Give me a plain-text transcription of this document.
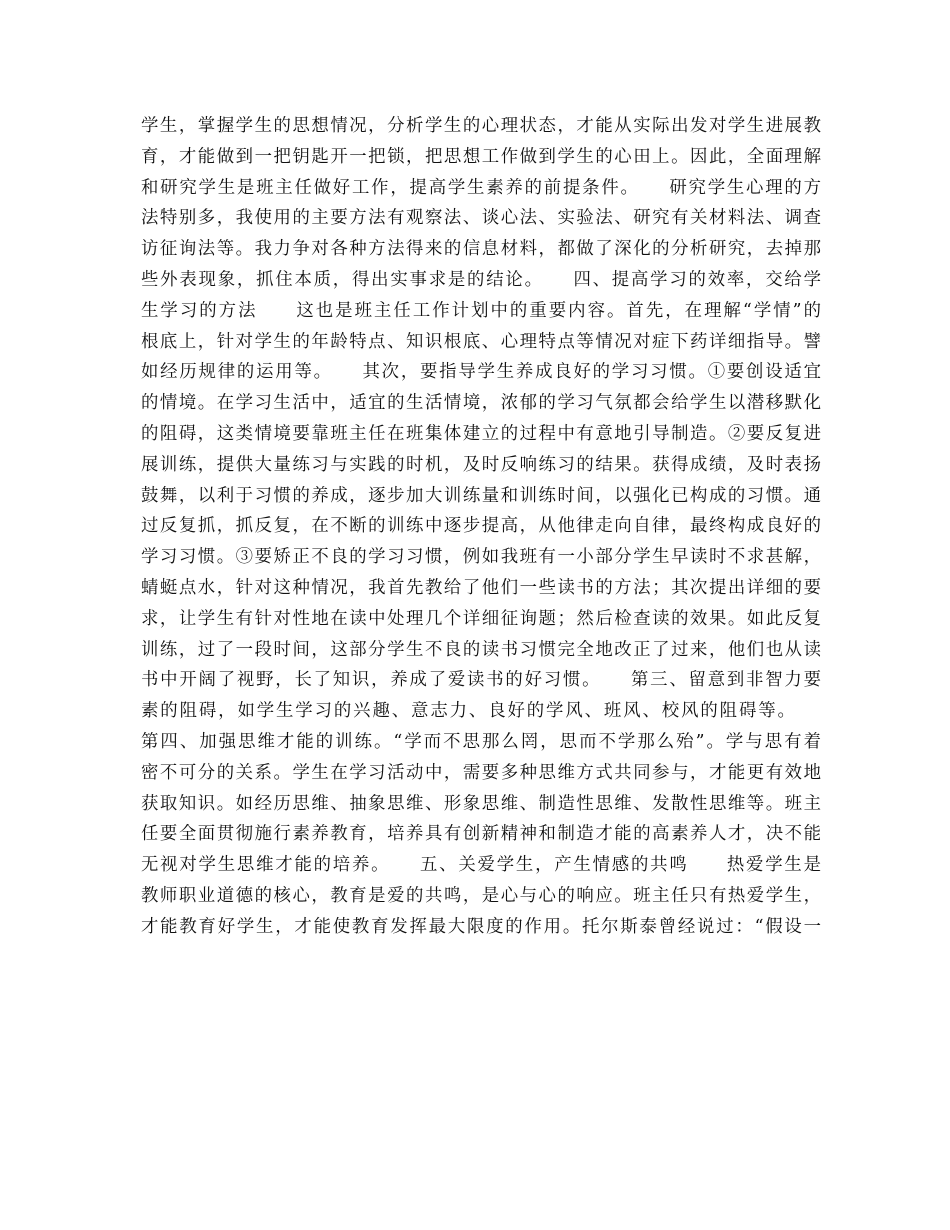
学生，掌握学生的思想情况，分析学生的心理状态，才能从实际出发对学生进展教
育，才能做到一把钥匙开一把锁，把思想工作做到学生的心田上。因此，全面理解
和研究学生是班主任做好工作，提高学生素养的前提条件。　　研究学生心理的方
法特别多，我使用的主要方法有观察法、谈心法、实验法、研究有关材料法、调查
访征询法等。我力争对各种方法得来的信息材料，都做了深化的分析研究，去掉那
些外表现象，抓住本质，得出实事求是的结论。　　四、提高学习的效率，交给学
生学习的方法　　这也是班主任工作计划中的重要内容。首先，在理解“学情”的
根底上，针对学生的年龄特点、知识根底、心理特点等情况对症下药详细指导。譬
如经历规律的运用等。　　其次，要指导学生养成良好的学习习惯。①要创设适宜
的情境。在学习生活中，适宜的生活情境，浓郁的学习气氛都会给学生以潜移默化
的阻碍，这类情境要靠班主任在班集体建立的过程中有意地引导制造。②要反复进
展训练，提供大量练习与实践的时机，及时反响练习的结果。获得成绩，及时表扬
鼓舞，以利于习惯的养成，逐步加大训练量和训练时间，以强化已构成的习惯。通
过反复抓，抓反复，在不断的训练中逐步提高，从他律走向自律，最终构成良好的
学习习惯。③要矫正不良的学习习惯，例如我班有一小部分学生早读时不求甚解，
蜻蜓点水，针对这种情况，我首先教给了他们一些读书的方法；其次提出详细的要
求，让学生有针对性地在读中处理几个详细征询题；然后检查读的效果。如此反复
训练，过了一段时间，这部分学生不良的读书习惯完全地改正了过来，他们也从读
书中开阔了视野，长了知识，养成了爱读书的好习惯。　　第三、留意到非智力要
素的阻碍，如学生学习的兴趣、意志力、良好的学风、班风、校风的阻碍等。　　
第四、加强思维才能的训练。“学而不思那么罔，思而不学那么殆”。学与思有着
密不可分的关系。学生在学习活动中，需要多种思维方式共同参与，才能更有效地
获取知识。如经历思维、抽象思维、形象思维、制造性思维、发散性思维等。班主
任要全面贯彻施行素养教育，培养具有创新精神和制造才能的高素养人才，决不能
无视对学生思维才能的培养。　　五、关爱学生，产生情感的共鸣　　热爱学生是
教师职业道德的核心，教育是爱的共鸣，是心与心的响应。班主任只有热爱学生，
才能教育好学生，才能使教育发挥最大限度的作用。托尔斯泰曾经说过：“假设一
